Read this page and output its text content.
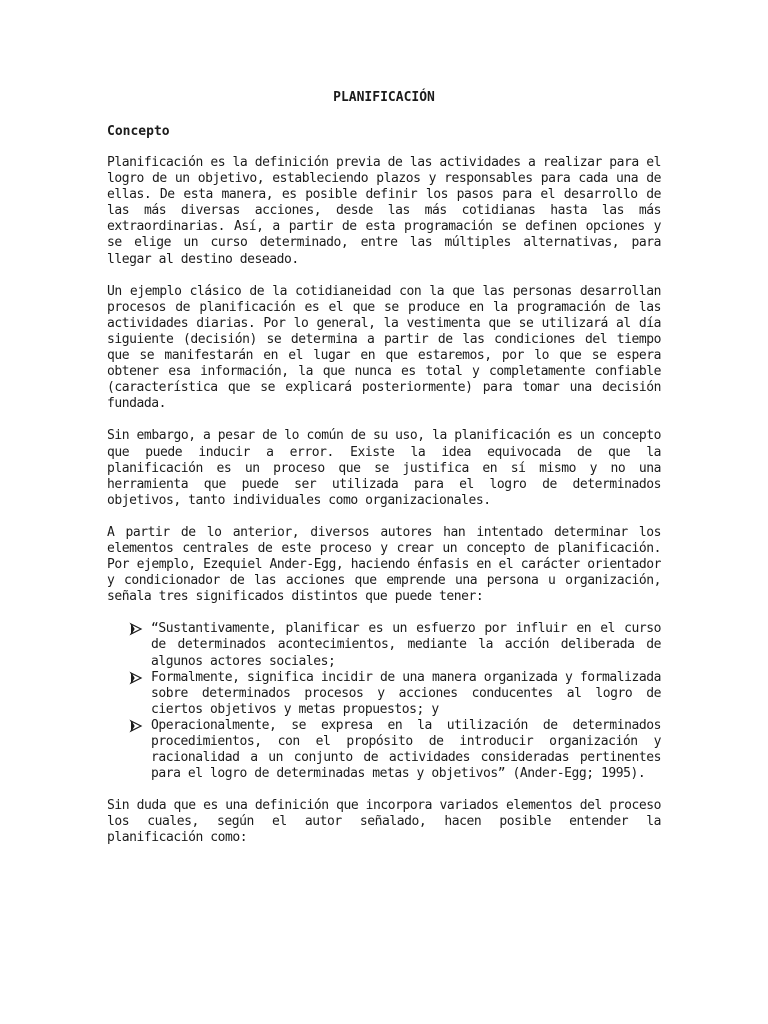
PLANIFICACIÓN
Concepto

Planificación es la definición previa de las actividades a realizar para el logro de un objetivo, estableciendo plazos y responsables para cada una de ellas. De esta manera, es posible definir los pasos para el desarrollo de las más diversas acciones, desde las más cotidianas hasta las más extraordinarias. Así, a partir de esta programación se definen opciones y se elige un curso determinado, entre las múltiples alternativas, para llegar al destino deseado.

Un ejemplo clásico de la cotidianeidad con la que las personas desarrollan procesos de planificación es el que se produce en la programación de las actividades diarias. Por lo general, la vestimenta que se utilizará al día siguiente (decisión) se determina a partir de las condiciones del tiempo que se manifestarán en el lugar en que estaremos, por lo que se espera obtener esa información, la que nunca es total y completamente confiable (característica que se explicará posteriormente) para tomar una decisión fundada.

Sin embargo, a pesar de lo común de su uso, la planificación es un concepto que puede inducir a error. Existe la idea equivocada de que la planificación es un proceso que se justifica en sí mismo y no una herramienta que puede ser utilizada para el logro de determinados objetivos, tanto individuales como organizacionales.

A partir de lo anterior, diversos autores han intentado determinar los elementos centrales de este proceso y crear un concepto de planificación. Por ejemplo, Ezequiel Ander-Egg, haciendo énfasis en el carácter orientador y condicionador de las acciones que emprende una persona u organización, señala tres significados distintos que puede tener:

“Sustantivamente, planificar es un esfuerzo por influir en el curso de determinados acontecimientos, mediante la acción deliberada de algunos actores sociales;
Formalmente, significa incidir de una manera organizada y formalizada sobre determinados procesos y acciones conducentes al logro de ciertos objetivos y metas propuestos; y
Operacionalmente, se expresa en la utilización de determinados procedimientos, con el propósito de introducir organización y racionalidad a un conjunto de actividades consideradas pertinentes para el logro de determinadas metas y objetivos” (Ander-Egg; 1995).

Sin duda que es una definición que incorpora variados elementos del proceso los cuales, según el autor señalado, hacen posible entender la planificación como:
